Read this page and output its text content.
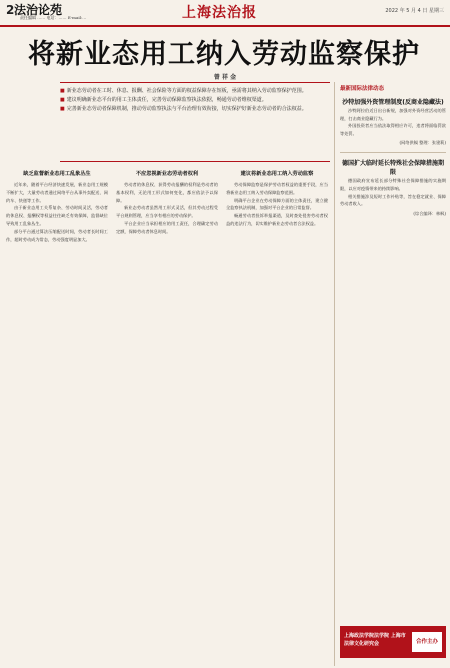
2 法治论苑
责任编辑 …… 电话：…… E-mail:…	上海法治报	2022 年 5 月 4 日 星期三
将新业态用工纳入劳动监察保护
曾 祥 金

■ 新业态劳动者在工时、休息、报酬、社会保险等方面的权益保障存在短板，亟需将其纳入劳动监察保护范围。

■ 建议明确新业态平台的用工主体责任，完善劳动保障监察执法依据，畅通劳动者维权渠道。

■ 完善新业态劳动者保障机制，推动劳动监察执法与平台治理有效衔接，切实保护好新业态劳动者的合法权益。

缺乏监督新业态用工乱象丛生

近年来，随着平台经济快速发展，新业态用工规模不断扩大，大量劳动者通过网络平台从事外卖配送、网约车、快递等工作。

由于新业态用工关系复杂、劳动时间灵活，劳动者的休息权、报酬权等权益往往缺乏有效保障，监督缺位导致用工乱象丛生。

部分平台通过算法压缩配送时间，劳动者长时间工作，超时劳动成为常态，劳动强度明显加大。

不应忽视新业态劳动者权利

劳动者的休息权、获得劳动报酬的权利是劳动者的基本权利，无论用工形式如何变化，都应依法予以保障。

新业态劳动者虽然用工形式灵活，但其劳动过程受平台规则管理，应当享有相应的劳动保护。

平台企业应当承担相应的用工责任，合理确定劳动定额，保障劳动者休息时间。

建议将新业态用工纳入劳动监察

劳动保障监察是保护劳动者权益的重要手段，应当将新业态用工纳入劳动保障监察范围。

明确平台企业在劳动保障方面的主体责任，建立健全监察执法机制，加强对平台企业的日常监督。

畅通劳动者投诉举报渠道，及时查处侵害劳动者权益的违法行为，切实维护新业态劳动者合法权益。

最新国际法律动态
沙特加强外资管理制度(反商业隐藏法)

沙特阿拉伯近日出台新规，加强对外资经营活动的管理，打击商业隐藏行为。

外国投资者应当依法取得相应许可，违者将面临罚款等处罚。

(网络供稿 整理：张建莉)
德国扩大临时延长特殊社会保障措施期限

德国政府宣布延长部分特殊社会保障措施的实施期限，以应对疫情带来的持续影响。

相关措施涉及短时工作补贴等，旨在稳定就业、保障劳动者收入。

(综合编译：林枫)
上海政法学院法学院 上海市法律文化研究会	合作主办
